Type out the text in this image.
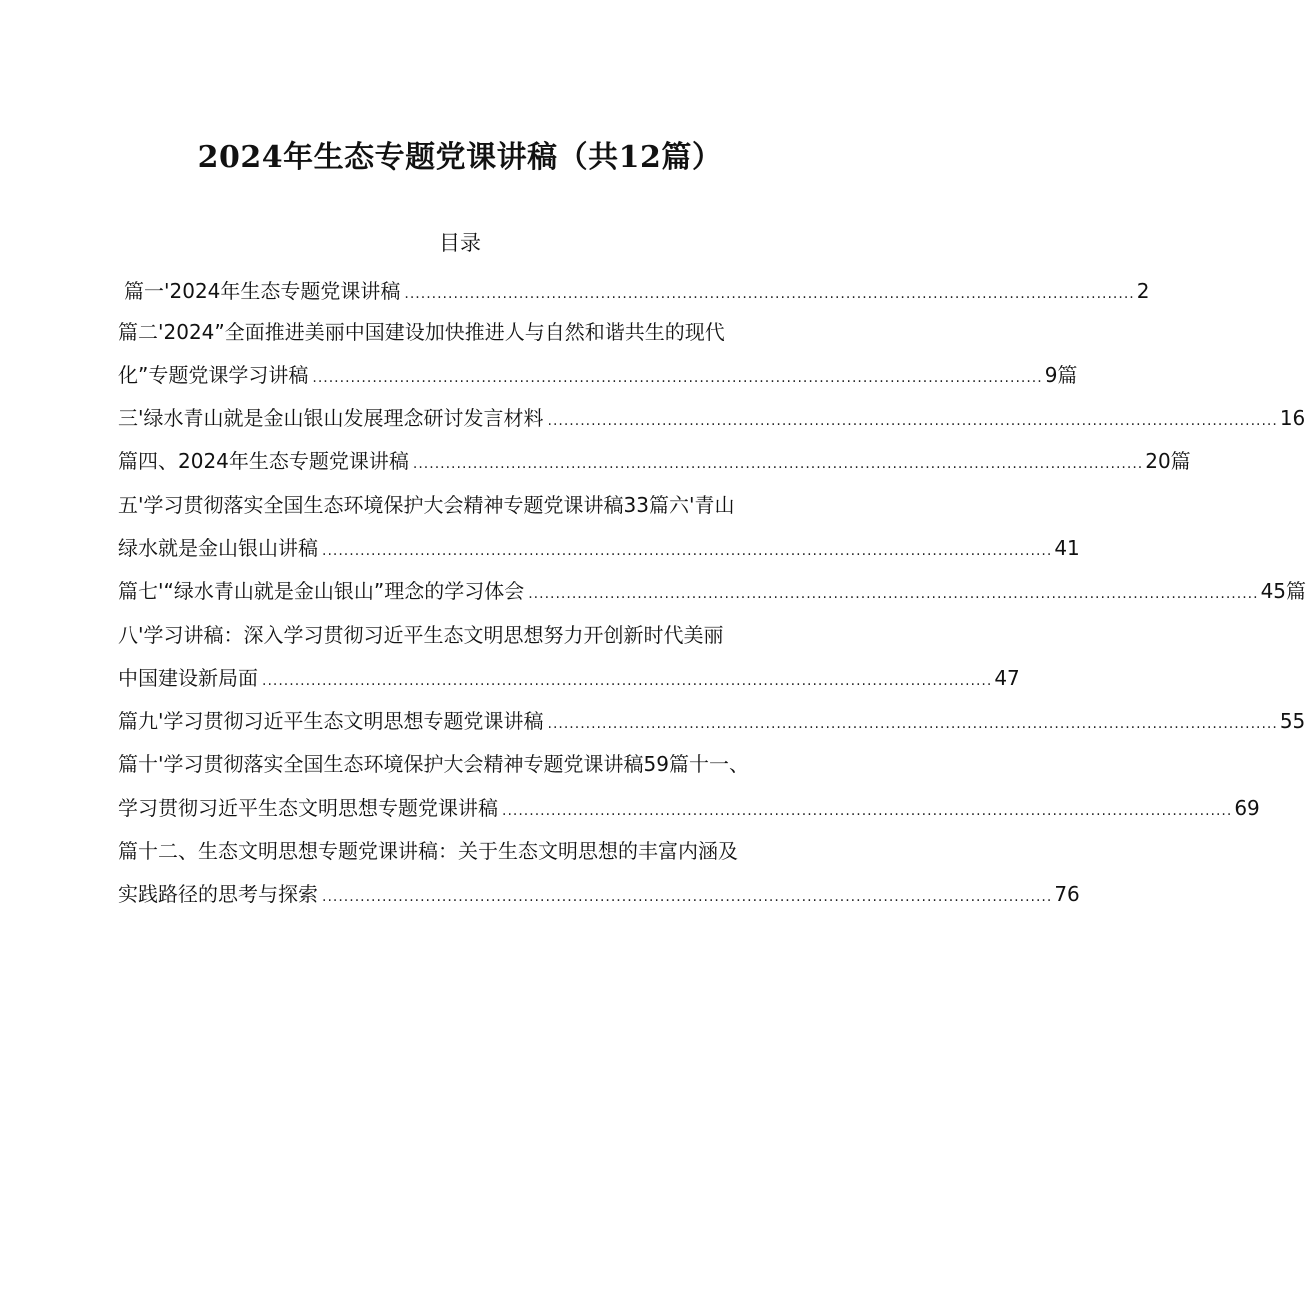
2024年生态专题党课讲稿（共12篇）
目录
篇一'2024年生态专题党课讲稿 ...................................................................................................................................... 2
篇二'2024”全面推进美丽中国建设加快推进人与自然和谐共生的现代
化”专题党课学习讲稿 ...................................................................................................................................... 9篇
三'绿水青山就是金山银山发展理念研讨发言材料 ...................................................................................................................................... 16
篇四、2024年生态专题党课讲稿 ...................................................................................................................................... 20篇
五'学习贯彻落实全国生态环境保护大会精神专题党课讲稿33篇六'青山
绿水就是金山银山讲稿 ...................................................................................................................................... 41
篇七'“绿水青山就是金山银山”理念的学习体会 ...................................................................................................................................... 45篇
八'学习讲稿：深入学习贯彻习近平生态文明思想努力开创新时代美丽
中国建设新局面 ...................................................................................................................................... 47
篇九'学习贯彻习近平生态文明思想专题党课讲稿 ...................................................................................................................................... 55
篇十'学习贯彻落实全国生态环境保护大会精神专题党课讲稿59篇十一、
学习贯彻习近平生态文明思想专题党课讲稿 ...................................................................................................................................... 69
篇十二、生态文明思想专题党课讲稿：关于生态文明思想的丰富内涵及
实践路径的思考与探索 ...................................................................................................................................... 76
